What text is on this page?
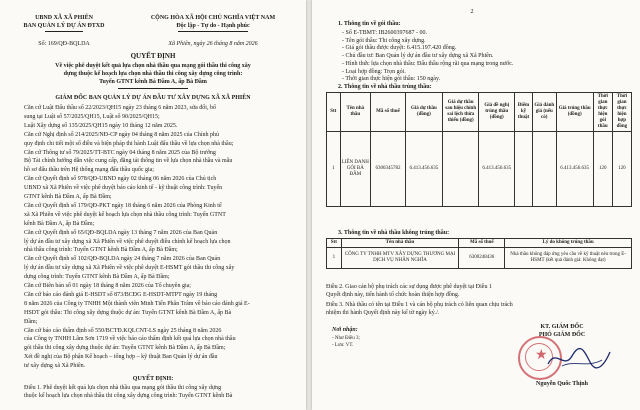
UBND XÃ XÃ PHIÊN
BAN QUẢN LÝ DỰ ÁN ĐTXD
Số: 169/QĐ-BQLDA
CỘNG HÒA XÃ HỘI CHỦ NGHĨA VIỆT NAM
Độc lập - Tự do - Hạnh phúc
Xã Phiên, ngày 26 tháng 8 năm 2026
QUYẾT ĐỊNH
Về việc phê duyệt kết quả lựa chọn nhà thầu qua mạng gói thầu thi công xây
dựng thuộc kế hoạch lựa chọn nhà thầu thi công xây dựng công trình:
Tuyến GTNT kênh Bà Đầm A, ấp Bà Đầm
GIÁM ĐỐC BAN QUẢN LÝ DỰ ÁN ĐẦU TƯ XÂY DỰNG XÃ XÃ PHIÊN
Căn cứ Luật Đấu thầu số 22/2023/QH15 ngày 23 tháng 6 năm 2023, sửa đổi, bổ
sung tại Luật số 57/2025/QH15, Luật số 90/2025/QH15;
Luật Xây dựng số 135/2025/QH15 ngày 10 tháng 12 năm 2025.
Căn cứ Nghị định số 214/2025/NĐ-CP ngày 04 tháng 8 năm 2025 của Chính phủ
quy định chi tiết một số điều và biện pháp thi hành Luật đấu thầu về lựa chọn nhà thầu;
Căn cứ Thông tư số 79/2025/TT-BTC ngày 04 tháng 8 năm 2025 của Bộ trưởng
Bộ Tài chính hướng dẫn việc cung cấp, đăng tải thông tin về lựa chọn nhà thầu và mẫu
hồ sơ đấu thầu trên Hệ thống mạng đấu thầu quốc gia;
Căn cứ Quyết định số 978/QĐ-UBND ngày 02 tháng 06 năm 2026 của Chủ tịch
UBND xã Xã Phiên về việc phê duyệt báo cáo kinh tế - kỹ thuật công trình: Tuyến
GTNT kênh Bà Đầm A, ấp Bà Đầm;
Căn cứ Quyết định số 179/QĐ-PKT ngày 18 tháng 6 năm 2026 của Phòng Kinh tế
xã Xã Phiên về việc phê duyệt kế hoạch lựa chọn nhà thầu công trình: Tuyến GTNT
kênh Bà Đầm A, ấp Bà Đầm;
Căn cứ Quyết định số 65/QĐ-BQLDA ngày 13 tháng 7 năm 2026 của Ban Quản
lý dự án đầu tư xây dựng xã Xã Phiên về việc phê duyệt điều chỉnh kế hoạch lựa chọn
nhà thầu công trình: Tuyến GTNT kênh Bà Đầm A, ấp Bà Đầm;
Căn cứ Quyết định số 102/QĐ-BQLDA ngày 24 tháng 7 năm 2026 của Ban Quản
lý dự án đầu tư xây dựng xã Xã Phiên về việc phê duyệt E-HSMT gói thầu thi công xây
dựng công trình: Tuyến GTNT kênh Bà Đầm A, ấp Bà Đầm;
Căn cứ Biên bản số 01 ngày 18 tháng 8 năm 2026 của Tổ chuyên gia;
Căn cứ báo cáo đánh giá E-HSDT số 873/BCĐG E-HSDT-MTPT ngày 19 tháng
8 năm 2026 của Công ty TNHH Một thành viên Minh Tiến Phân Trâm về báo cáo đánh giá E-
HSDT gói thầu: Thi công xây dựng thuộc dự án: Tuyến GTNT kênh Bà Đầm A, ấp Bà
Đầm;
Căn cứ báo cáo thẩm định số 550/BCTĐ.KQLCNT-LS ngày 25 tháng 8 năm 2026
của Công ty TNHH Lâm Sơn 1719 về việc báo cáo thẩm định kết quả lựa chọn nhà thầu
gói thầu thi công xây dựng thuộc dự án: Tuyến GTNT kênh Bà Đầm A, ấp Bà Đầm;
Xét đề nghị của Bộ phận Kế hoạch – tổng hợp – kỹ thuật Ban Quản lý dự án đầu
tư xây dựng xã Xã Phiên.
QUYẾT ĐỊNH:
Điều 1. Phê duyệt kết quả lựa chọn nhà thầu qua mạng gói thầu thi công xây dựng
thuộc kế hoạch lựa chọn nhà thầu thi công xây dựng công trình: Tuyến GTNT kênh Bà
2
1. Thông tin về gói thầu:
- Số E-TBMT: IB2600397687 - 00.
- Tên gói thầu: Thi công xây dựng.
- Giá gói thầu được duyệt: 6.415.197.420 đồng.
- Chủ đầu tư: Ban Quản lý dự án đầu tư xây dựng xã Xã Phiên.
- Hình thức lựa chọn nhà thầu: Đấu thầu rộng rãi qua mạng trong nước.
- Loại hợp đồng: Trọn gói.
- Thời gian thực hiện gói thầu: 150 ngày.
2. Thông tin về nhà thầu trúng thầu:
Stt	Tên nhà thầu	Mã số thuế	Giá dự thầu (đồng)	Giá dự thầu sau hiệu chỉnh sai lệch thừa thiếu (đồng)	Giá đề nghị trúng thầu (đồng)	Điểm kỹ thuật	Giá đánh giá (nếu có)	Giá trúng thầu (đồng)	Thời gian thực hiện gói thầu	Thời gian thực hiện hợp đồng
1	LIÊN DANH GÓI BÀ ĐẦM	6300345782	6.413.456.635		6.413.456.635			6.413.456.635	120	120
3. Thông tin về nhà thầu không trúng thầu:
Stt	Tên nhà thầu	Mã số thuế	Lý do không trúng thầu
1	CÔNG TY TNHH MTV XÂY DỰNG THƯƠNG MẠI DỊCH VỤ NHÂN NGHĨA	6300248436	Nhà thầu không đáp ứng yêu cầu về kỹ thuật nêu trong E-HSMT (kết quả đánh giá: Không đạt)
Điều 2. Giao cán bộ phụ trách các sự dụng được phê duyệt tại Điều 1
Quyết định này, tiến hành tổ chức hoàn thiện hợp đồng.
Điều 3. Nhà thầu có tên tại Điều 1 và cán bộ phụ trách có liên quan chịu trách
nhiệm thi hành Quyết định này kể từ ngày ký./.
Nơi nhận:
- Như Điều 3;
- Lưu: VT.
KT. GIÁM ĐỐC
PHÓ GIÁM ĐỐC
★
Nguyễn Quốc Thịnh
